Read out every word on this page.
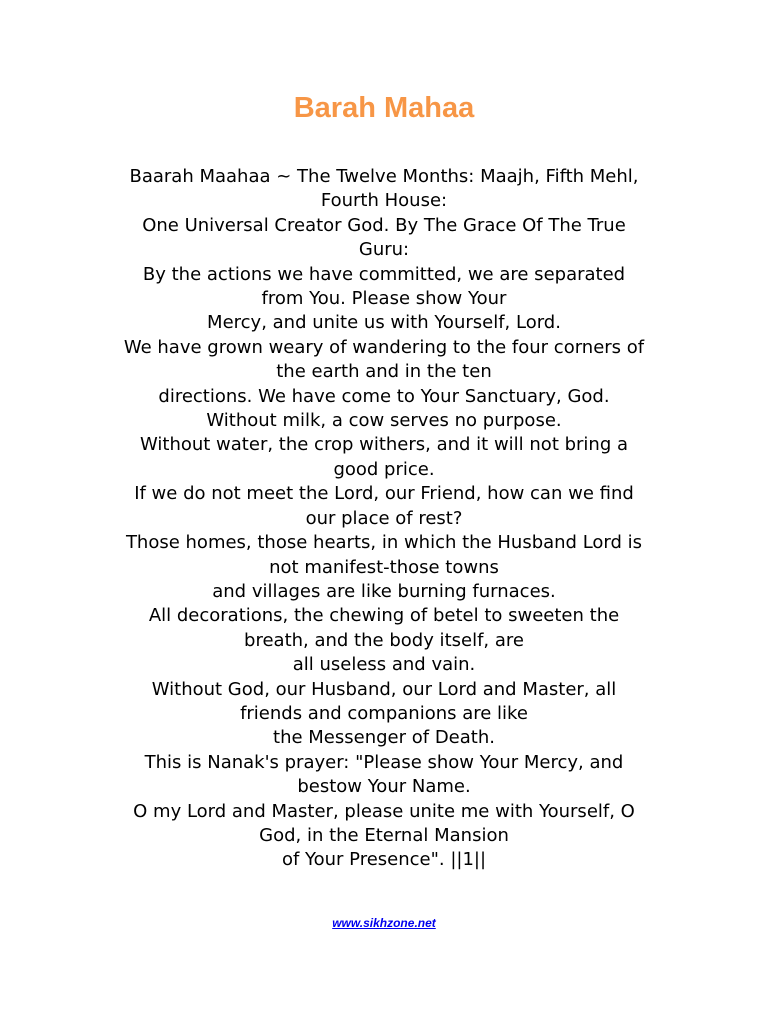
Barah Mahaa
Baarah Maahaa ~ The Twelve Months: Maajh, Fifth Mehl,
Fourth House:
One Universal Creator God. By The Grace Of The True
Guru:
By the actions we have committed, we are separated
from You. Please show Your
Mercy, and unite us with Yourself, Lord.
We have grown weary of wandering to the four corners of
the earth and in the ten
directions. We have come to Your Sanctuary, God.
Without milk, a cow serves no purpose.
Without water, the crop withers, and it will not bring a
good price.
If we do not meet the Lord, our Friend, how can we find
our place of rest?
Those homes, those hearts, in which the Husband Lord is
not manifest-those towns
and villages are like burning furnaces.
All decorations, the chewing of betel to sweeten the
breath, and the body itself, are
all useless and vain.
Without God, our Husband, our Lord and Master, all
friends and companions are like
the Messenger of Death.
This is Nanak's prayer: "Please show Your Mercy, and
bestow Your Name.
O my Lord and Master, please unite me with Yourself, O
God, in the Eternal Mansion
of Your Presence". ||1||
www.sikhzone.net
